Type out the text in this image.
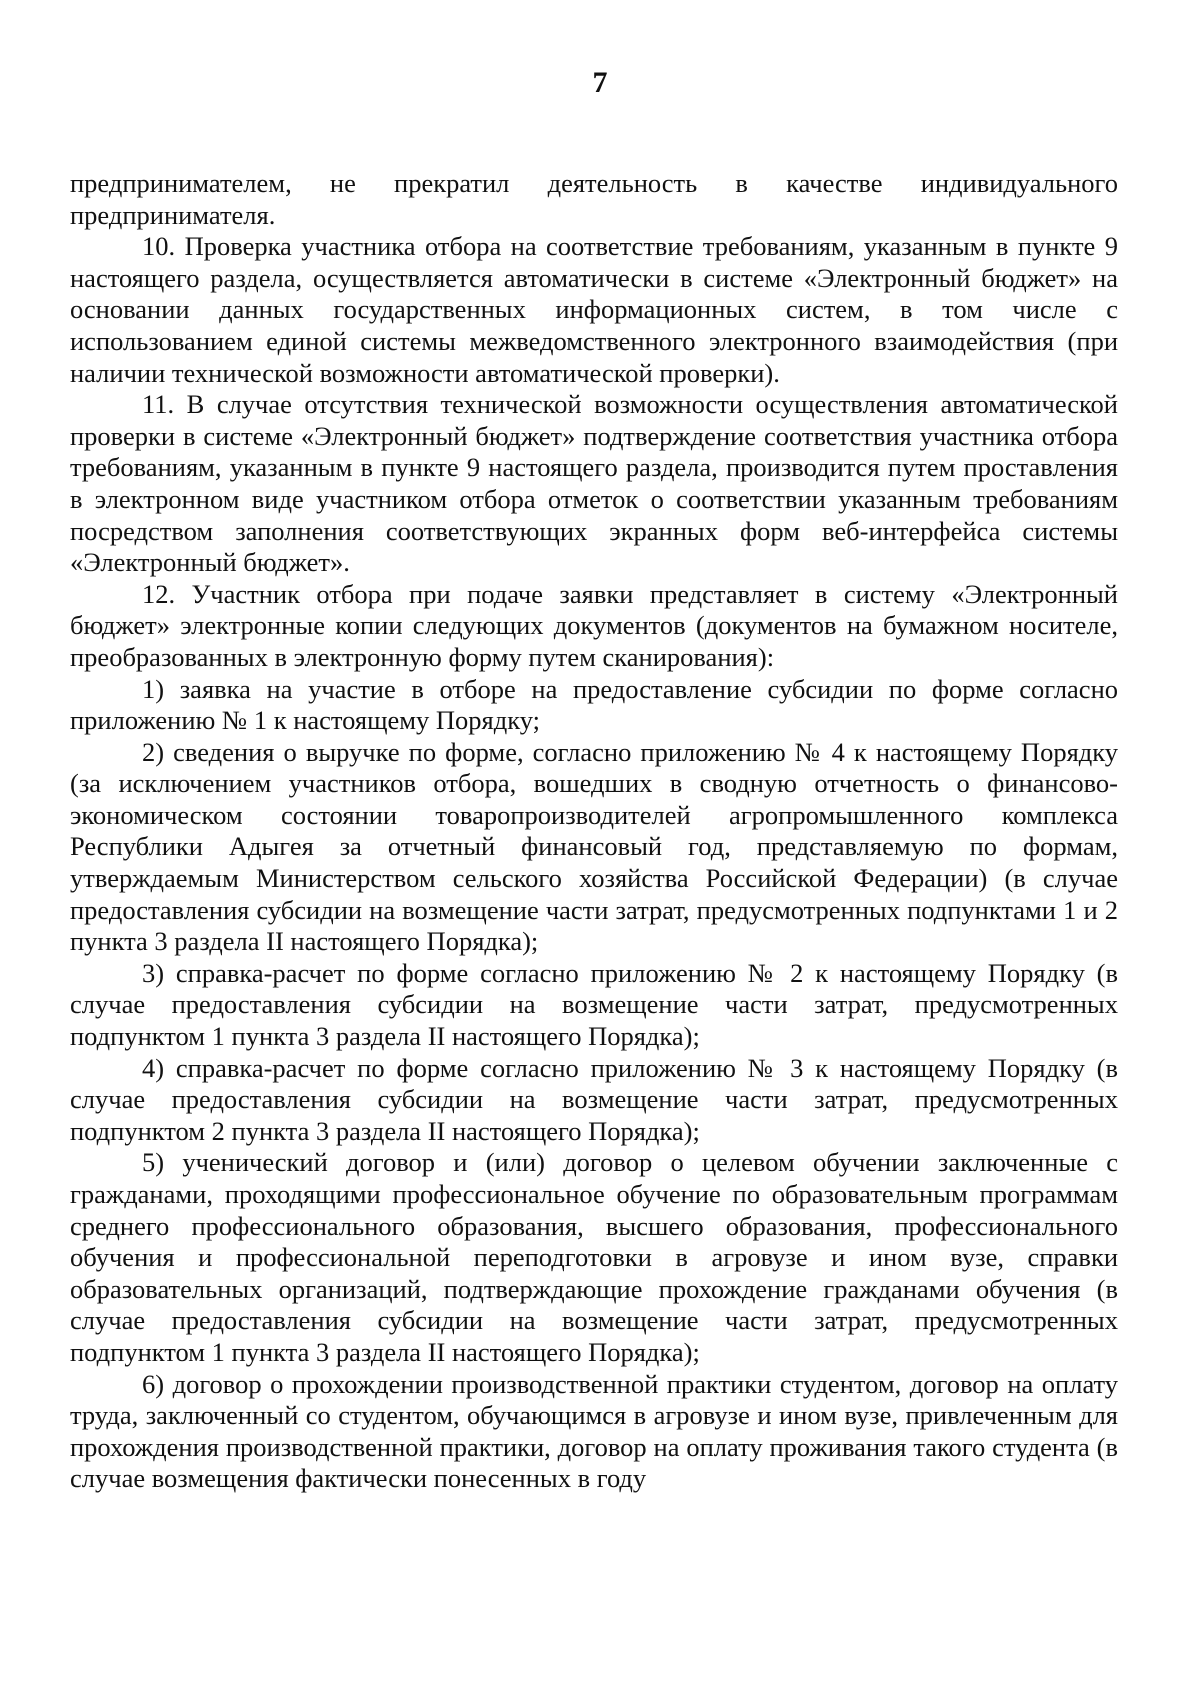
7

предпринимателем, не прекратил деятельность в качестве индивидуального предпринимателя.

10. Проверка участника отбора на соответствие требованиям, указанным в пункте 9 настоящего раздела, осуществляется автоматически в системе «Электронный бюджет» на основании данных государственных информационных систем, в том числе с использованием единой системы межведомственного электронного взаимодействия (при наличии технической возможности автоматической проверки).

11. В случае отсутствия технической возможности осуществления автоматической проверки в системе «Электронный бюджет» подтверждение соответствия участника отбора требованиям, указанным в пункте 9 настоящего раздела, производится путем проставления в электронном виде участником отбора отметок о соответствии указанным требованиям посредством заполнения соответствующих экранных форм веб-интерфейса системы «Электронный бюджет».

12. Участник отбора при подаче заявки представляет в систему «Электронный бюджет» электронные копии следующих документов (документов на бумажном носителе, преобразованных в электронную форму путем сканирования):

1) заявка на участие в отборе на предоставление субсидии по форме согласно приложению № 1 к настоящему Порядку;

2) сведения о выручке по форме, согласно приложению № 4 к настоящему Порядку (за исключением участников отбора, вошедших в сводную отчетность о финансово-экономическом состоянии товаропроизводителей агропромышленного комплекса Республики Адыгея за отчетный финансовый год, представляемую по формам, утверждаемым Министерством сельского хозяйства Российской Федерации) (в случае предоставления субсидии на возмещение части затрат, предусмотренных подпунктами 1 и 2 пункта 3 раздела II настоящего Порядка);

3) справка-расчет по форме согласно приложению № 2 к настоящему Порядку (в случае предоставления субсидии на возмещение части затрат, предусмотренных подпунктом 1 пункта 3 раздела II настоящего Порядка);

4) справка-расчет по форме согласно приложению № 3 к настоящему Порядку (в случае предоставления субсидии на возмещение части затрат, предусмотренных подпунктом 2 пункта 3 раздела II настоящего Порядка);

5) ученический договор и (или) договор о целевом обучении заключенные с гражданами, проходящими профессиональное обучение по образовательным программам среднего профессионального образования, высшего образования, профессионального обучения и профессиональной переподготовки в агровузе и ином вузе, справки образовательных организаций, подтверждающие прохождение гражданами обучения (в случае предоставления субсидии на возмещение части затрат, предусмотренных подпунктом 1 пункта 3 раздела II настоящего Порядка);

6) договор о прохождении производственной практики студентом, договор на оплату труда, заключенный со студентом, обучающимся в агровузе и ином вузе, привлеченным для прохождения производственной практики, договор на оплату проживания такого студента (в случае возмещения фактически понесенных в году
